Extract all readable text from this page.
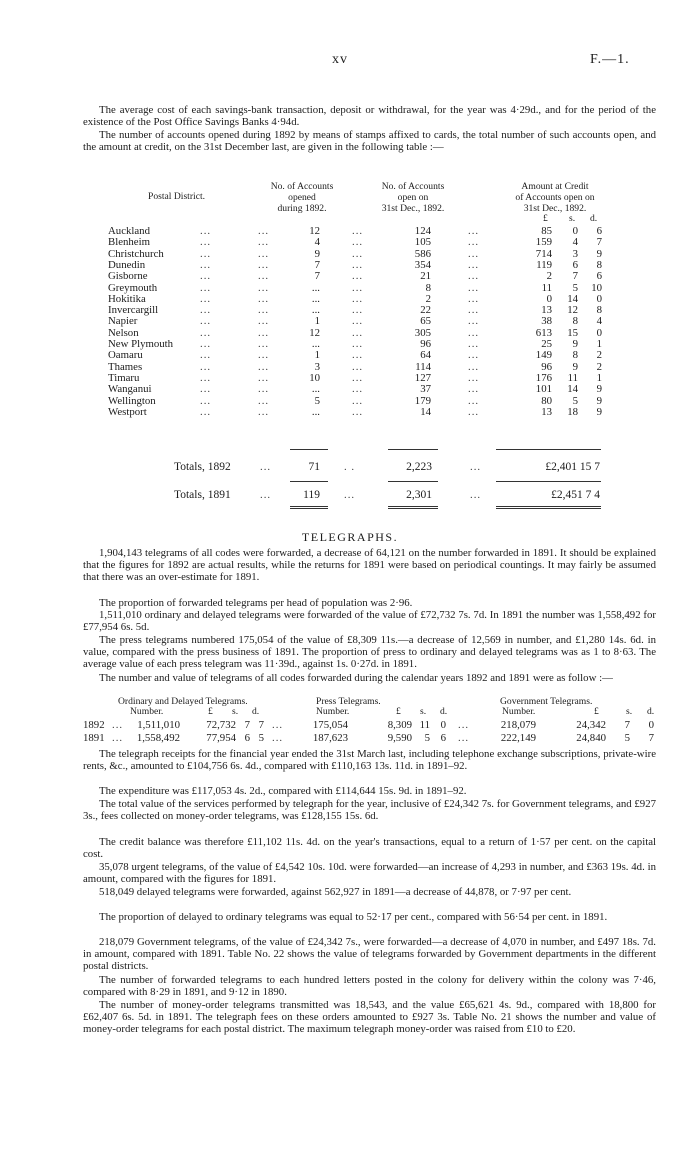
xv	F.—1.
The average cost of each savings-bank transaction, deposit or withdrawal, for the year was 4·29d., and for the period of the existence of the Post Office Savings Banks 4·94d.
The number of accounts opened during 1892 by means of stamps affixed to cards, the total number of such accounts open, and the amount at credit, on the 31st December last, are given in the following table :—
Postal District.
No. of Accounts
opened
during 1892.
No. of Accounts
open on
31st Dec., 1892.
Amount at Credit
of Accounts open on
31st Dec., 1892.
£ s. d.
Auckland	...	...	12	...	124	...	85	0	6
Blenheim	...	...	4	...	105	...	159	4	7
Christchurch	...	...	9	...	586	...	714	3	9
Dunedin	...	...	7	...	354	...	119	6	8
Gisborne	...	...	7	...	21	...	2	7	6
Greymouth	...	...	...	...	8	...	11	5	10
Hokitika	...	...	...	...	2	...	0	14	0
Invercargill	...	...	...	...	22	...	13	12	8
Napier	...	...	1	...	65	...	38	8	4
Nelson	...	...	12	...	305	...	613	15	0
New Plymouth ...	...	...	...	96	...	25	9	1
Oamaru	...	...	1	...	64	...	149	8	2
Thames	...	...	3	...	114	...	96	9	2
Timaru	...	...	10	...	127	...	176	11	1
Wanganui	...	...	...	...	37	...	101	14	9
Wellington	...	...	5	...	179	...	80	5	9
Westport	...	...	...	...	14	...	13	18	9
Totals, 1892	...	71 . .	2,223	...	£2,401 15 7
Totals, 1891	...	119 ...	2,301	...	£2,451 7 4
TELEGRAPHS.
1,904,143 telegrams of all codes were forwarded, a decrease of 64,121 on the number forwarded in 1891. It should be explained that the figures for 1892 are actual results, while the returns for 1891 were based on periodical countings. It may fairly be assumed that there was an over-estimate for 1891.
The proportion of forwarded telegrams per head of population was 2·96.
1,511,010 ordinary and delayed telegrams were forwarded of the value of £72,732 7s. 7d. In 1891 the number was 1,558,492 for £77,954 6s. 5d.
The press telegrams numbered 175,054 of the value of £8,309 11s.—a decrease of 12,569 in number, and £1,280 14s. 6d. in value, compared with the press business of 1891. The proportion of press to ordinary and delayed telegrams was as 1 to 8·63. The average value of each press telegram was 11·39d., against 1s. 0·27d. in 1891.
The number and value of telegrams of all codes forwarded during the calendar years 1892 and 1891 were as follow :—
Ordinary and Delayed Telegrams.	Press Telegrams.	Government Telegrams.
Number.	£ s. d.	Number.	£ s. d.	Number.	£	s. d.
1892 ...	1,511,010	72,732 7 7 ...	175,054	8,309 11 0 ...	218,079	24,342	7	0
1891 ...	1,558,492	77,954 6 5 ...	187,623	9,590	5 6 ...	222,149	24,840	5	7
The telegraph receipts for the financial year ended the 31st March last, including telephone exchange subscriptions, private-wire rents, &c., amounted to £104,756 6s. 4d., compared with £110,163 13s. 11d. in 1891–92.
The expenditure was £117,053 4s. 2d., compared with £114,644 15s. 9d. in 1891–92.
The total value of the services performed by telegraph for the year, inclusive of £24,342 7s. for Government telegrams, and £927 3s., fees collected on money-order telegrams, was £128,155 15s. 6d.
The credit balance was therefore £11,102 11s. 4d. on the year's transactions, equal to a return of 1·57 per cent. on the capital cost.
35,078 urgent telegrams, of the value of £4,542 10s. 10d. were forwarded—an increase of 4,293 in number, and £363 19s. 4d. in amount, compared with the figures for 1891.
518,049 delayed telegrams were forwarded, against 562,927 in 1891—a decrease of 44,878, or 7·97 per cent.
The proportion of delayed to ordinary telegrams was equal to 52·17 per cent., compared with 56·54 per cent. in 1891.
218,079 Government telegrams, of the value of £24,342 7s., were forwarded—a decrease of 4,070 in number, and £497 18s. 7d. in amount, compared with 1891. Table No. 22 shows the value of telegrams forwarded by Government departments in the different postal districts.
The number of forwarded telegrams to each hundred letters posted in the colony for delivery within the colony was 7·46, compared with 8·29 in 1891, and 9·12 in 1890.
The number of money-order telegrams transmitted was 18,543, and the value £65,621 4s. 9d., compared with 18,800 for £62,407 6s. 5d. in 1891. The telegraph fees on these orders amounted to £927 3s. Table No. 21 shows the number and value of money-order telegrams for each postal district. The maximum telegraph money-order was raised from £10 to £20.
